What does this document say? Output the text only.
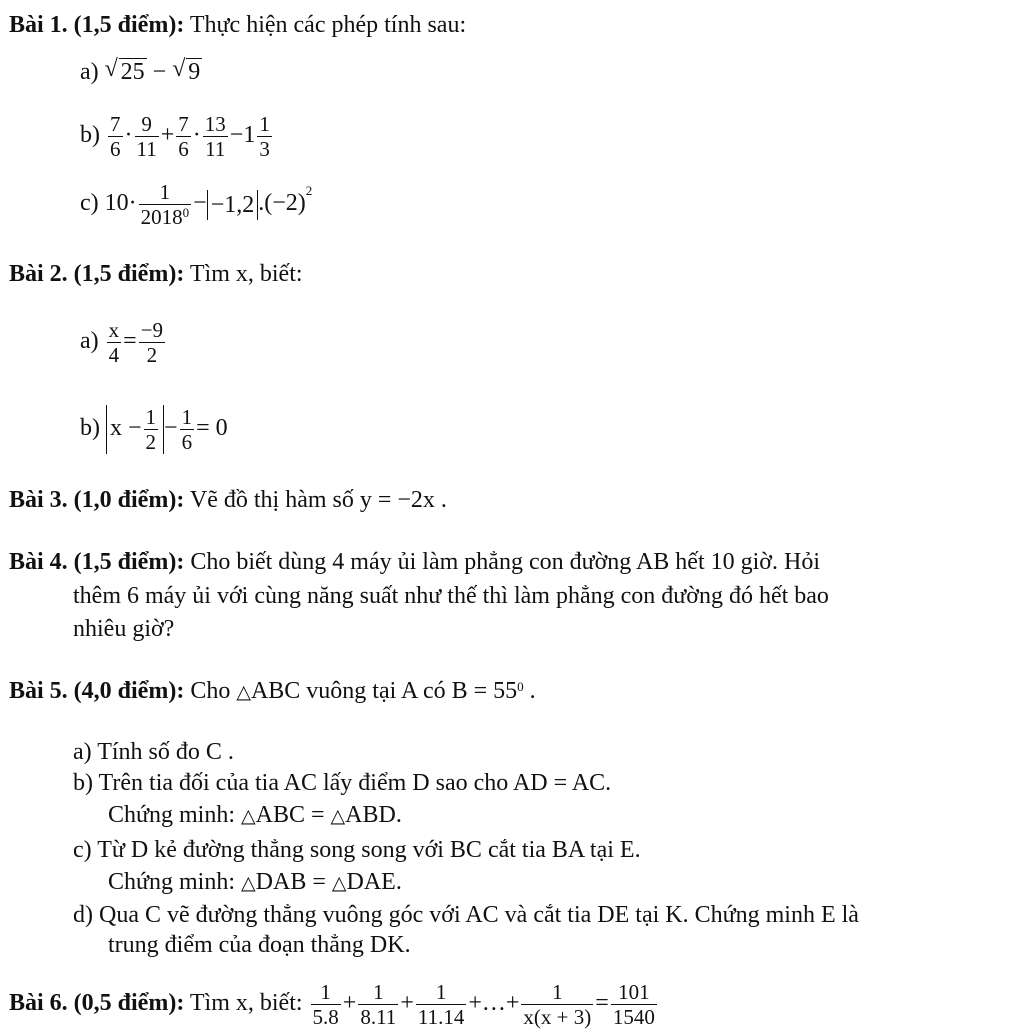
Bài 1. (1,5 điểm): Thực hiện các phép tính sau:
a) √ 25 − √ 9
$b) \frac{7}{6} \cdot \frac{9}{11} + \frac{7}{6} \cdot \frac{13}{11} -1 \frac{1}{3}$
c) $10\cdot \frac{1}{2018^0} - -1,2$ $.(-2)^2$
Bài 2. (1,5 điểm): Tìm x, biết:
$a) \frac{x}{4} = \frac{-9}{2}$
b) $x - \frac{1}{2} - \frac{1}{6} = 0$
Bài 3. (1,0 điểm): Vẽ đồ thị hàm số y = −2x .
Bài 4. (1,5 điểm): Cho biết dùng 4 máy ủi làm phẳng con đường AB hết 10 giờ. Hỏi
thêm 6 máy ủi với cùng năng suất như thế thì làm phẳng con đường đó hết bao
nhiêu giờ?
Bài 5. (4,0 điểm): Cho △ABC vuông tại A có $B = 55^0$ .
a) Tính số đo C .
b) Trên tia đối của tia AC lấy điểm D sao cho AD = AC.
Chứng minh: △ABC = △ABD.
c) Từ D kẻ đường thẳng song song với BC cắt tia BA tại E.
Chứng minh: △DAB = △DAE.
d) Qua C vẽ đường thẳng vuông góc với AC và cắt tia DE tại K. Chứng minh E là
trung điểm của đoạn thẳng DK.
Bài 6. (0,5 điểm): Tìm x, biết: $\frac{1}{5.8} + \frac{1}{8.11} + \frac{1}{11.14}$ +…+ $\frac{1}{x(x + 3)} = \frac{101}{1540}$
